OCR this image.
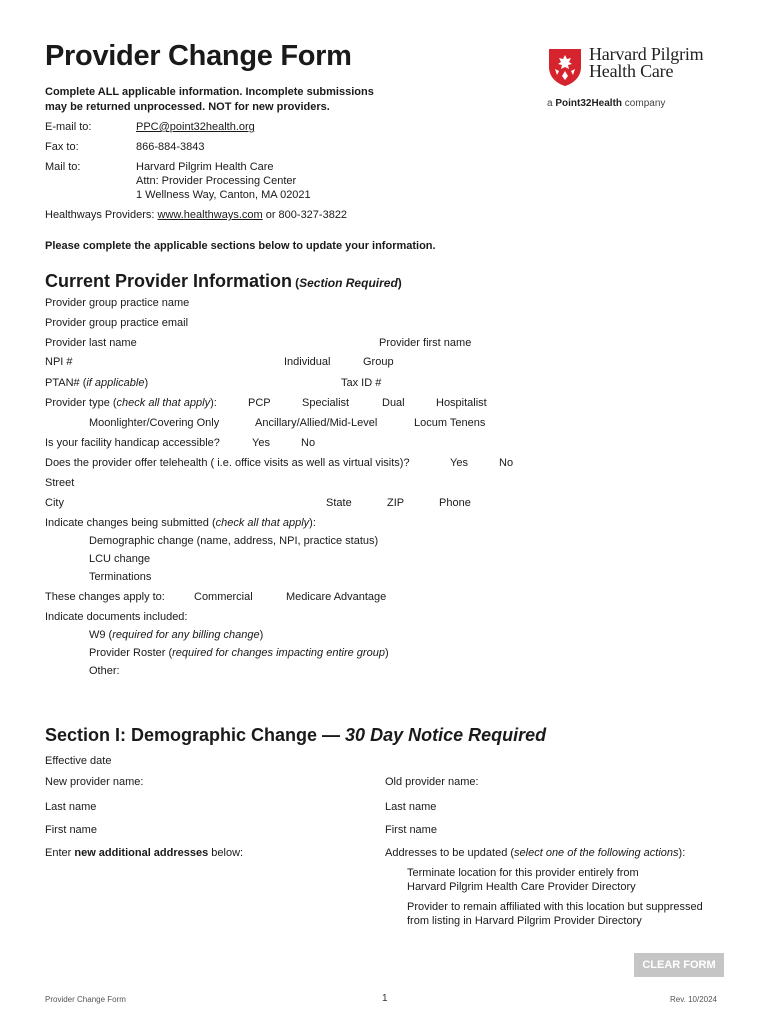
Provider Change Form
Complete ALL applicable information. Incomplete submissions
may be returned unprocessed. NOT for new providers.
Harvard Pilgrim
Health Care
a Point32Health company
E-mail to:	PPC@point32health.org
Fax to:	866-884-3843
Mail to:	Harvard Pilgrim Health Care
Attn: Provider Processing Center
1 Wellness Way, Canton, MA 02021
Healthways Providers: www.healthways.com or 800-327-3822
Please complete the applicable sections below to update your information.
Current Provider Information (Section Required)
Provider group practice name
Provider group practice email
Provider last name	Provider first name
NPI #	Individual	Group
PTAN# (if applicable)	Tax ID #
Provider type (check all that apply):	PCP	Specialist	Dual	Hospitalist
Moonlighter/Covering Only	Ancillary/Allied/Mid-Level	Locum Tenens
Is your facility handicap accessible?	Yes	No
Does the provider offer telehealth ( i.e. office visits as well as virtual visits)?	Yes	No
Street
City	State	ZIP	Phone
Indicate changes being submitted (check all that apply):
Demographic change (name, address, NPI, practice status)
LCU change
Terminations
These changes apply to:	Commercial	Medicare Advantage
Indicate documents included:
W9 (required for any billing change)
Provider Roster (required for changes impacting entire group)
Other:
Section I: Demographic Change — 30 Day Notice Required
Effective date
New provider name:	Old provider name:
Last name	Last name
First name	First name
Enter new additional addresses below:	Addresses to be updated (select one of the following actions):
Terminate location for this provider entirely from
Harvard Pilgrim Health Care Provider Directory
Provider to remain affiliated with this location but suppressed
from listing in Harvard Pilgrim Provider Directory
CLEAR FORM
Provider Change Form	1	Rev. 10/2024
